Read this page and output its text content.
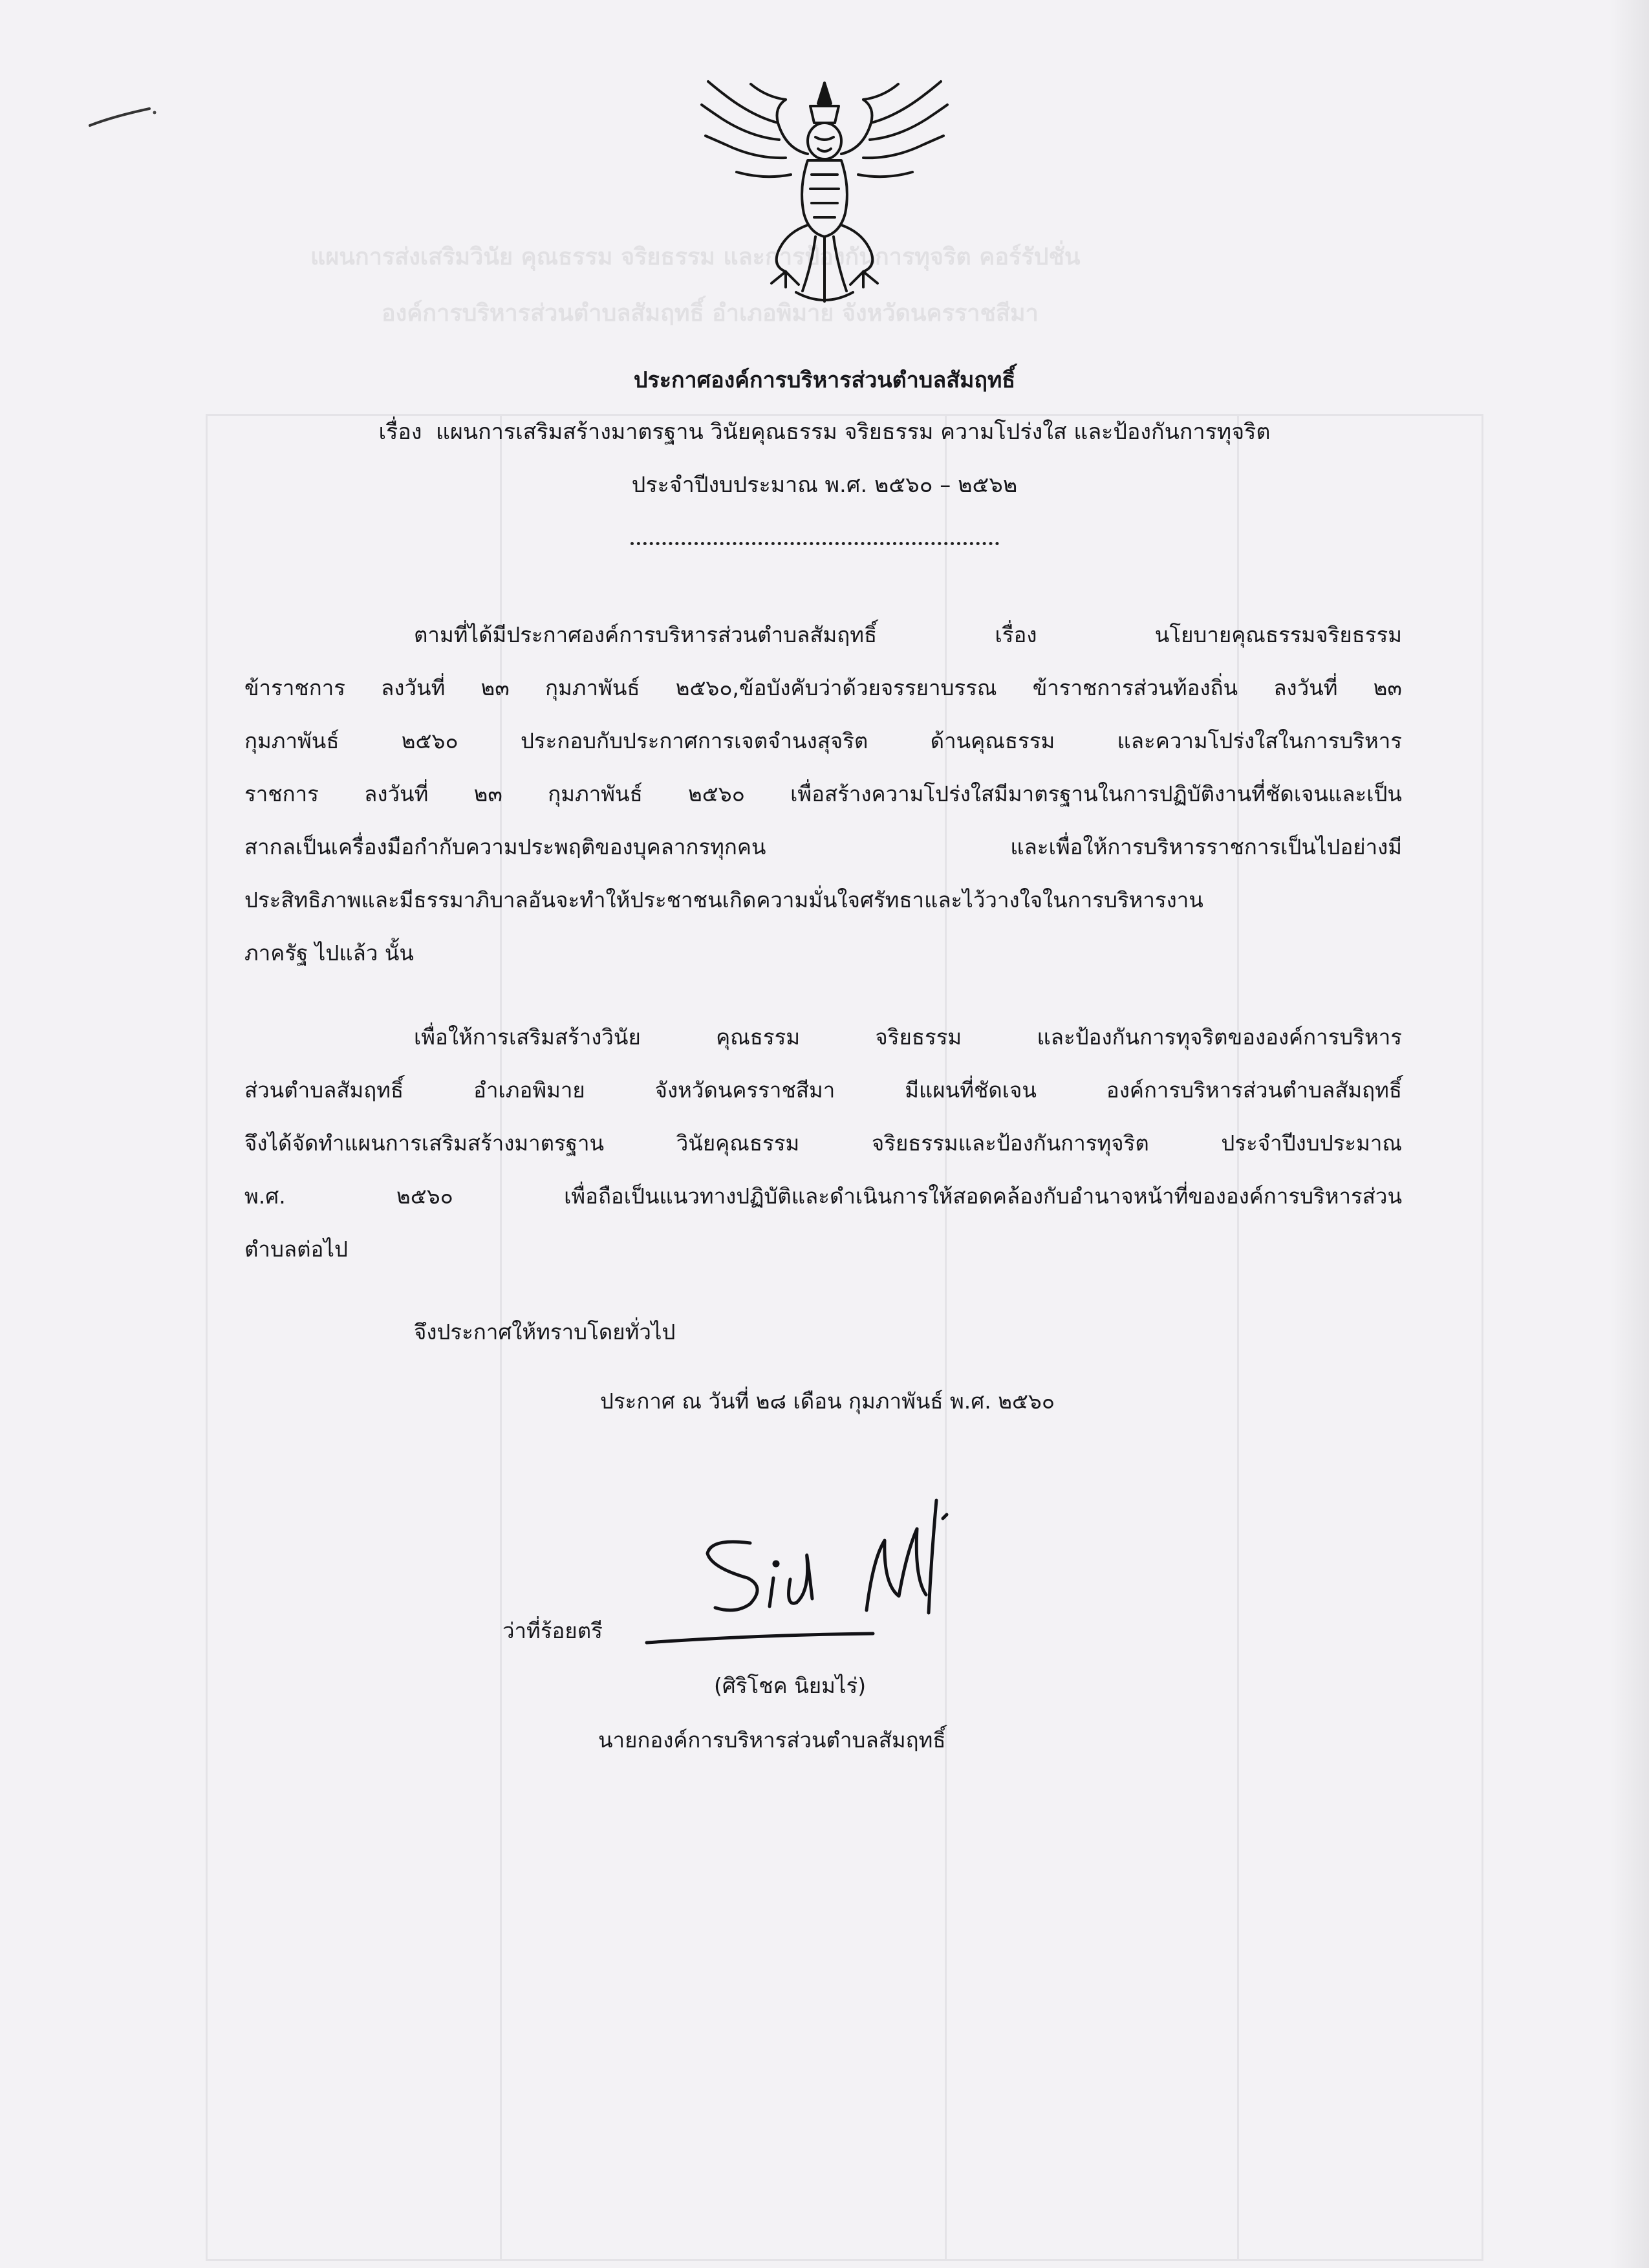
แผนการส่งเสริมวินัย คุณธรรม จริยธรรม และการป้องกันการทุจริต คอร์รัปชั่น
องค์การบริหารส่วนตำบลสัมฤทธิ์ อำเภอพิมาย จังหวัดนครราชสีมา
ประกาศองค์การบริหารส่วนตำบลสัมฤทธิ์
เรื่อง แผนการเสริมสร้างมาตรฐาน วินัยคุณธรรม จริยธรรม ความโปร่งใส และป้องกันการทุจริต
ประจำปีงบประมาณ พ.ศ. ๒๕๖๐ – ๒๕๖๒
ตามที่ได้มีประกาศองค์การบริหารส่วนตำบลสัมฤทธิ์ เรื่อง นโยบายคุณธรรมจริยธรรม
ข้าราชการ ลงวันที่ ๒๓ กุมภาพันธ์ ๒๕๖๐,ข้อบังคับว่าด้วยจรรยาบรรณ ข้าราชการส่วนท้องถิ่น ลงวันที่ ๒๓
กุมภาพันธ์ ๒๕๖๐ ประกอบกับประกาศการเจตจำนงสุจริต ด้านคุณธรรม และความโปร่งใสในการบริหาร
ราชการ ลงวันที่ ๒๓ กุมภาพันธ์ ๒๕๖๐ เพื่อสร้างความโปร่งใสมีมาตรฐานในการปฏิบัติงานที่ชัดเจนและเป็น
สากลเป็นเครื่องมือกำกับความประพฤติของบุคลากรทุกคน และเพื่อให้การบริหารราชการเป็นไปอย่างมี
ประสิทธิภาพและมีธรรมาภิบาลอันจะทำให้ประชาชนเกิดความมั่นใจศรัทธาและไว้วางใจในการบริหารงาน
ภาครัฐ ไปแล้ว นั้น
เพื่อให้การเสริมสร้างวินัย คุณธรรม จริยธรรม และป้องกันการทุจริตขององค์การบริหาร
ส่วนตำบลสัมฤทธิ์ อำเภอพิมาย จังหวัดนครราชสีมา มีแผนที่ชัดเจน องค์การบริหารส่วนตำบลสัมฤทธิ์
จึงได้จัดทำแผนการเสริมสร้างมาตรฐาน วินัยคุณธรรม จริยธรรมและป้องกันการทุจริต ประจำปีงบประมาณ
พ.ศ. ๒๕๖๐ เพื่อถือเป็นแนวทางปฏิบัติและดำเนินการให้สอดคล้องกับอำนาจหน้าที่ขององค์การบริหารส่วน
ตำบลต่อไป
จึงประกาศให้ทราบโดยทั่วไป
ประกาศ ณ วันที่ ๒๘ เดือน กุมภาพันธ์ พ.ศ. ๒๕๖๐
ว่าที่ร้อยตรี
(ศิริโชค นิยมไร่)
นายกองค์การบริหารส่วนตำบลสัมฤทธิ์
